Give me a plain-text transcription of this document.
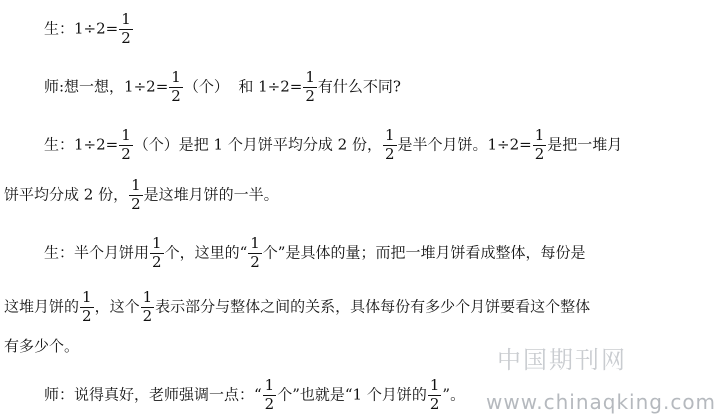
生：$1\div 2= \frac{1}{2}$
师:想一想，$1\div 2= \frac{1}{2}$ （个）  和 $1\div 2= \frac{1}{2}$ 有什么不同?
生：$1\div 2= \frac{1}{2}$ （个）是把 1 个月饼平均分成 2 份， $\frac{1}{2}$ 是半个月饼。$1\div 2= \frac{1}{2}$ 是把一堆月
饼平均分成 2 份， $\frac{1}{2}$ 是这堆月饼的一半。
生：半个月饼用 $\frac{1}{2}$ 个，这里的“ $\frac{1}{2}$ 个”是具体的量；而把一堆月饼看成整体，每份是
这堆月饼的 $\frac{1}{2}$ ，这个 $\frac{1}{2}$ 表示部分与整体之间的关系，具体每份有多少个月饼要看这个整体
有多少个。
师：说得真好，老师强调一点：“ $\frac{1}{2}$ 个”也就是“1 个月饼的 $\frac{1}{2}$ ”。
中国期刊网
www.chinaqking.com
